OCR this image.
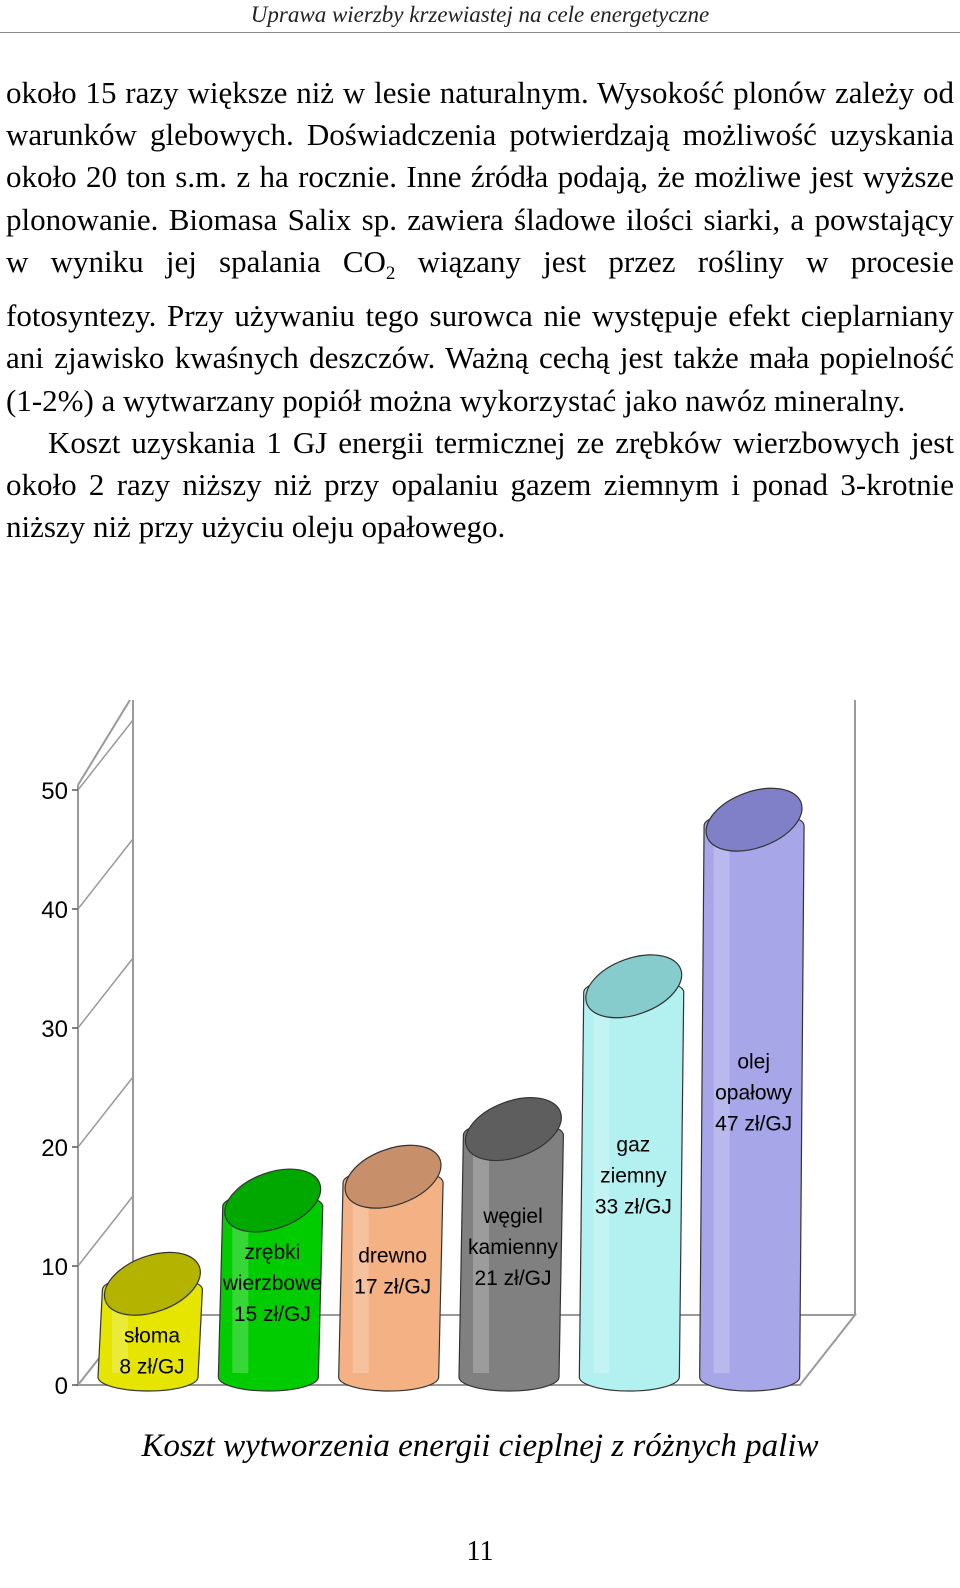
Uprawa wierzby krzewiastej na cele energetyczne

około 15 razy większe niż w lesie naturalnym. Wysokość plonów zależy od warunków glebowych. Doświadczenia potwierdzają możliwość uzyskania około 20 ton s.m. z ha rocznie. Inne źródła podają, że możliwe jest wyższe plonowanie. Biomasa Salix sp. zawiera śladowe ilości siarki, a powstający w wyniku jej spalania $CO_2$ wiązany jest przez rośliny w procesie fotosyntezy. Przy używaniu tego surowca nie występuje efekt cieplarniany ani zjawisko kwaśnych deszczów. Ważną cechą jest także mała popielność (1-2%) a wytwarzany popiół można wykorzystać jako nawóz mineralny.

Koszt uzyskania 1 GJ energii termicznej ze zrębków wierzbowych jest około 2 razy niższy niż przy opalaniu gazem ziemnym i ponad 3-krotnie niższy niż przy użyciu oleju opałowego.

0
10
20
30
40
50
słoma
8 zł/GJ
zrębki
wierzbowe
15 zł/GJ
drewno
17 zł/GJ
węgiel
kamienny
21 zł/GJ
gaz
ziemny
33 zł/GJ
olej
opałowy
47 zł/GJ
Koszt wytworzenia energii cieplnej z różnych paliw
11
